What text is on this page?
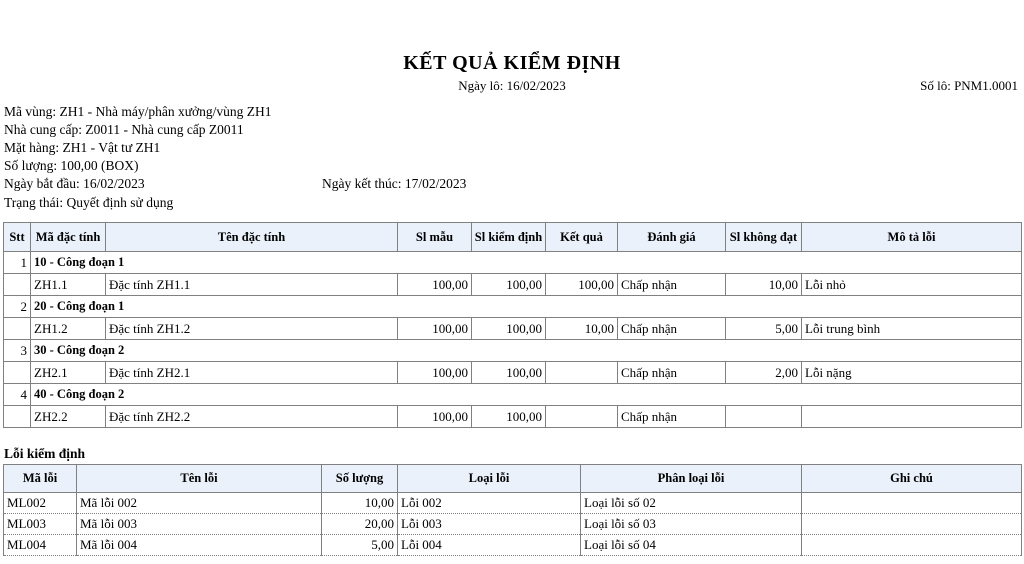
KẾT QUẢ KIỂM ĐỊNH
Ngày lô: 16/02/2023	Số lô: PNM1.0001
Mã vùng: ZH1 - Nhà máy/phân xưởng/vùng ZH1
Nhà cung cấp: Z0011 - Nhà cung cấp Z0011
Mặt hàng: ZH1 - Vật tư ZH1
Số lượng: 100,00 (BOX)
Ngày bắt đầu: 16/02/2023	Ngày kết thúc: 17/02/2023
Trạng thái: Quyết định sử dụng
Stt	Mã đặc tính	Tên đặc tính	Sl mẫu	Sl kiểm định	Kết quả	Đánh giá	Sl không đạt	Mô tả lỗi
1	10 - Công đoạn 1							
	ZH1.1	Đặc tính ZH1.1	100,00	100,00	100,00	Chấp nhận	10,00	Lỗi nhỏ
2	20 - Công đoạn 1							
	ZH1.2	Đặc tính ZH1.2	100,00	100,00	10,00	Chấp nhận	5,00	Lỗi trung bình
3	30 - Công đoạn 2							
	ZH2.1	Đặc tính ZH2.1	100,00	100,00		Chấp nhận	2,00	Lỗi nặng
4	40 - Công đoạn 2							
	ZH2.2	Đặc tính ZH2.2	100,00	100,00		Chấp nhận		
Lỗi kiểm định
Mã lỗi	Tên lỗi	Số lượng	Loại lỗi	Phân loại lỗi	Ghi chú
ML002	Mã lỗi 002	10,00	Lỗi 002	Loại lỗi số 02	
ML003	Mã lỗi 003	20,00	Lỗi 003	Loại lỗi số 03	
ML004	Mã lỗi 004	5,00	Lỗi 004	Loại lỗi số 04	
